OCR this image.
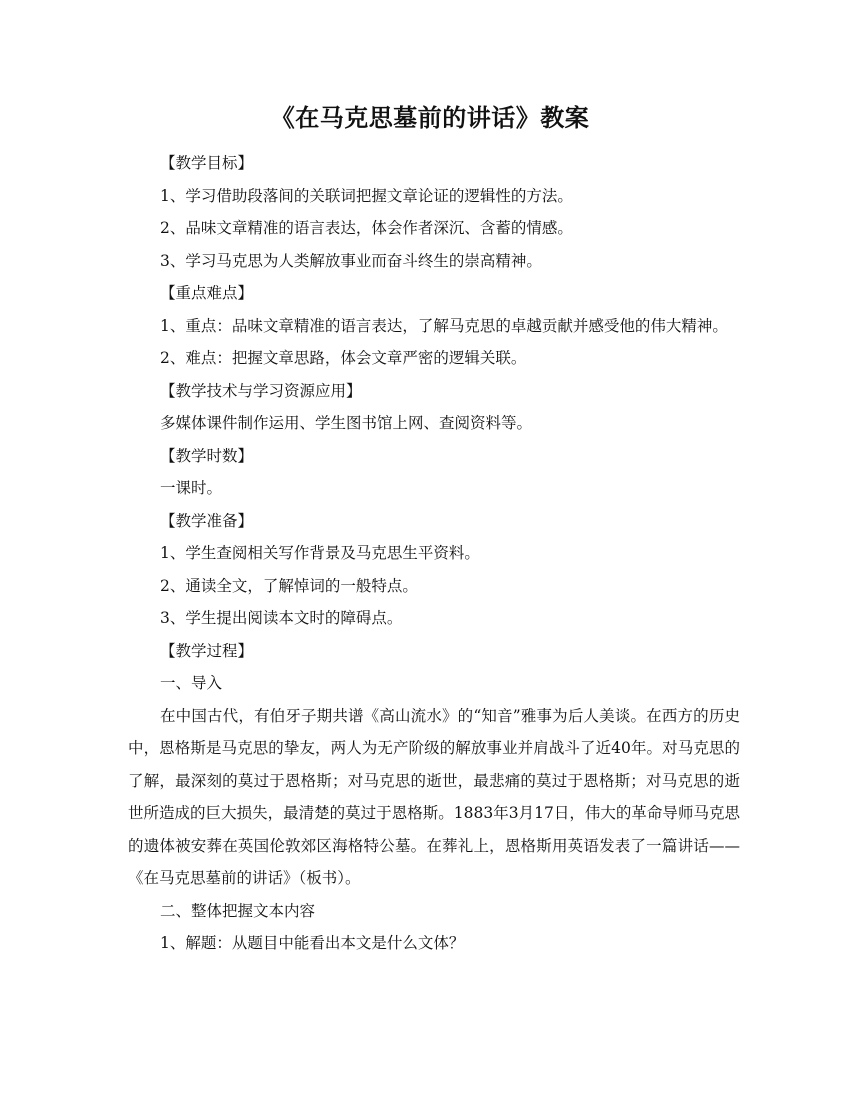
《在马克思墓前的讲话》教案

【教学目标】

1、学习借助段落间的关联词把握文章论证的逻辑性的方法。

2、品味文章精准的语言表达，体会作者深沉、含蓄的情感。

3、学习马克思为人类解放事业而奋斗终生的崇高精神。

【重点难点】

1、重点：品味文章精准的语言表达，了解马克思的卓越贡献并感受他的伟大精神。

2、难点：把握文章思路，体会文章严密的逻辑关联。

【教学技术与学习资源应用】

多媒体课件制作运用、学生图书馆上网、查阅资料等。

【教学时数】

一课时。

【教学准备】

1、学生查阅相关写作背景及马克思生平资料。

2、通读全文，了解悼词的一般特点。

3、学生提出阅读本文时的障碍点。

【教学过程】

一、导入

在中国古代，有伯牙子期共谱《高山流水》的“知音”雅事为后人美谈。在西方的历史中，恩格斯是马克思的挚友，两人为无产阶级的解放事业并肩战斗了近40年。对马克思的了解，最深刻的莫过于恩格斯；对马克思的逝世，最悲痛的莫过于恩格斯；对马克思的逝世所造成的巨大损失，最清楚的莫过于恩格斯。1883年3月17日，伟大的革命导师马克思的遗体被安葬在英国伦敦郊区海格特公墓。在葬礼上，恩格斯用英语发表了一篇讲话——《在马克思墓前的讲话》（板书）。

二、整体把握文本内容

1、解题：从题目中能看出本文是什么文体？
